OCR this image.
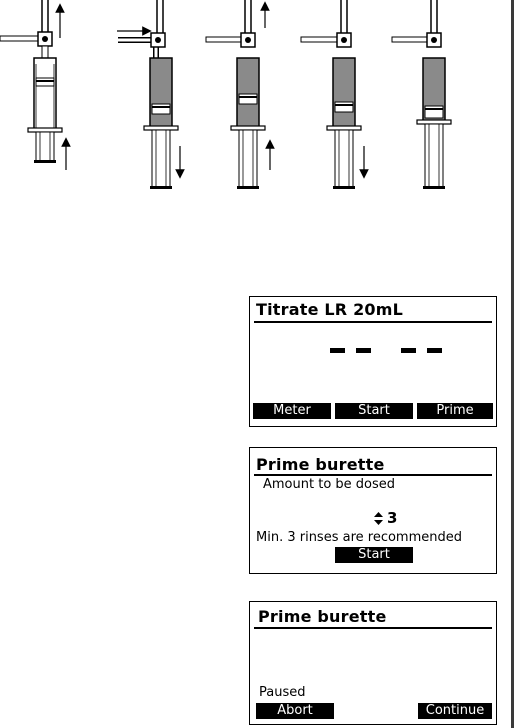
Titrate LR 20mL
Meter	Start	Prime
Prime burette
Amount to be dosed
3
Min. 3 rinses are recommended
Start
Prime burette
Paused
Abort	Continue
